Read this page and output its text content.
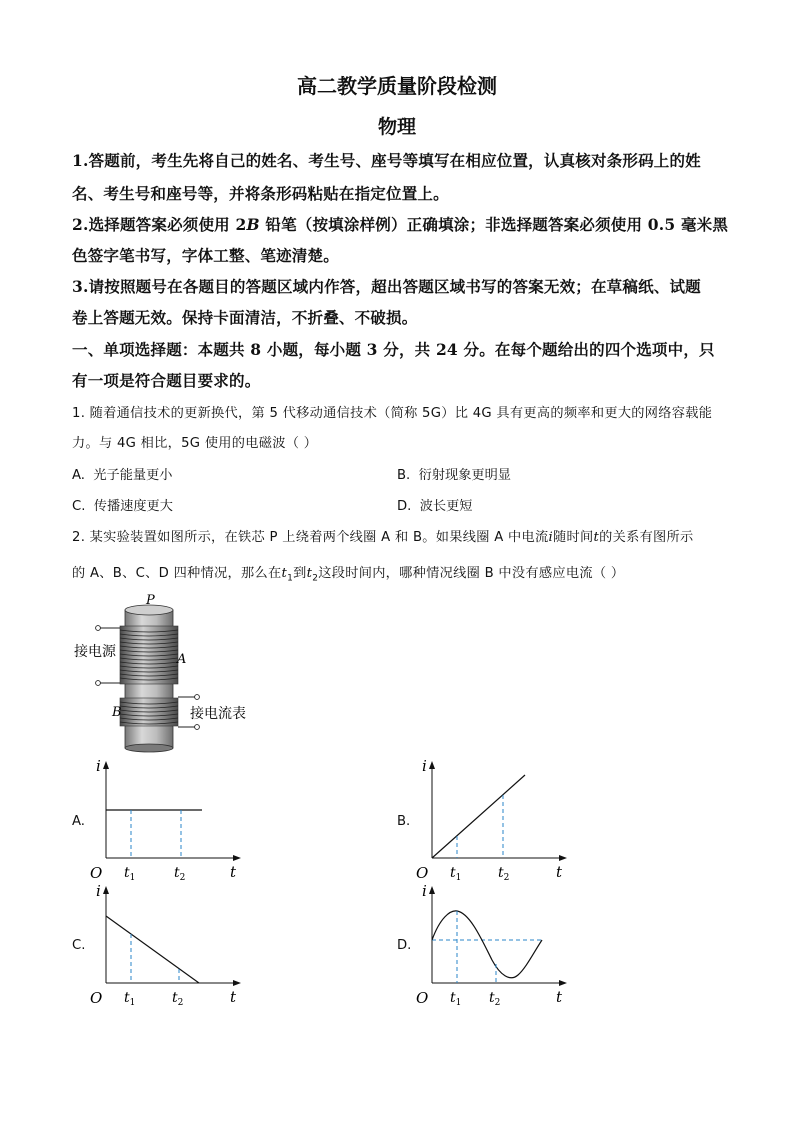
高二教学质量阶段检测
物理
1.答题前，考生先将自己的姓名、考生号、座号等填写在相应位置，认真核对条形码上的姓
名、考生号和座号等，并将条形码粘贴在指定位置上。
2.选择题答案必须使用 2B 铅笔（按填涂样例）正确填涂；非选择题答案必须使用 0.5 毫米黑
色签字笔书写，字体工整、笔迹清楚。
3.请按照题号在各题目的答题区域内作答，超出答题区域书写的答案无效；在草稿纸、试题
卷上答题无效。保持卡面清洁，不折叠、不破损。
一、单项选择题：本题共 8 小题，每小题 3 分，共 24 分。在每个题给出的四个选项中，只
有一项是符合题目要求的。
1. 随着通信技术的更新换代，第 5 代移动通信技术（简称 5G）比 4G 具有更高的频率和更大的网络容载能
力。与 4G 相比，5G 使用的电磁波（ ）
A. 光子能量更小	B. 衍射现象更明显
C. 传播速度更大	D. 波长更短
2. 某实验装置如图所示，在铁芯 P 上绕着两个线圈 A 和 B。如果线圈 A 中电流i随时间t的关系有图所示
的 A、B、C、D 四种情况，那么在$t_1$到$t_2$这段时间内，哪种情况线圈 B 中没有感应电流（ ）
P
A
B
接电源
接电流表
A.	B.
C.	D.
i
t
O $t_1$	$t_2$
i
t
O $t_1$	$t_2$
i
t
O $t_1$	$t_2$
i
t
O $t_1$ $t_2$
